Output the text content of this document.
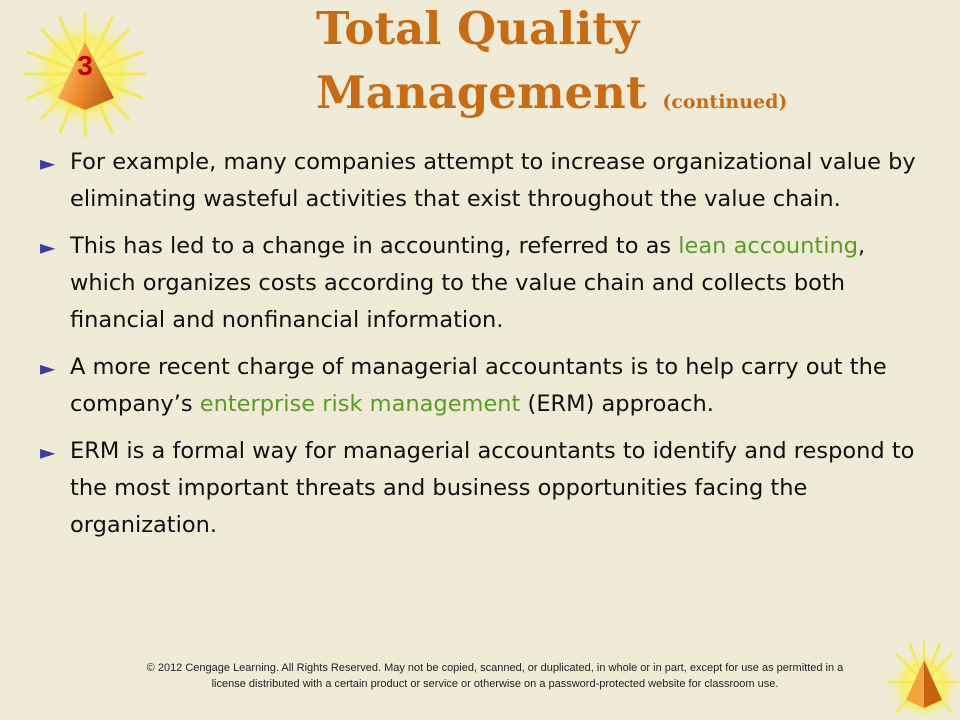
3
Total Quality
Management (continued)
► For example, many companies attempt to increase organizational value by eliminating wasteful activities that exist throughout the value chain.
► This has led to a change in accounting, referred to as lean accounting, which organizes costs according to the value chain and collects both financial and nonfinancial information.
► A more recent charge of managerial accountants is to help carry out the company’s enterprise risk management (ERM) approach.
► ERM is a formal way for managerial accountants to identify and respond to the most important threats and business opportunities facing the organization.
© 2012 Cengage Learning. All Rights Reserved. May not be copied, scanned, or duplicated, in whole or in part, except for use as permitted in a
license distributed with a certain product or service or otherwise on a password-protected website for classroom use.
